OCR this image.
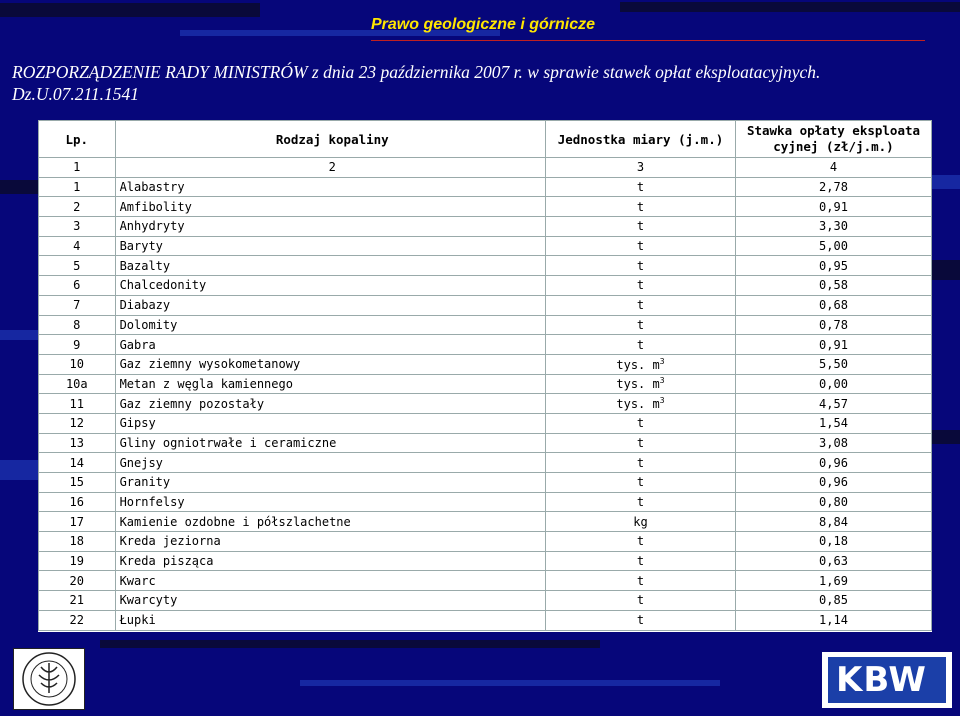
Prawo geologiczne i górnicze
ROZPORZĄDZENIE RADY MINISTRÓW z dnia 23 października 2007 r. w sprawie stawek opłat eksploatacyjnych.
Dz.U.07.211.1541
Lp.	Rodzaj kopaliny	Jednostka miary (j.m.)	Stawka opłaty eksploata cyjnej (zł/j.m.)
1	2	3	4
1	Alabastry	t	2,78
2	Amfibolity	t	0,91
3	Anhydryty	t	3,30
4	Baryty	t	5,00
5	Bazalty	t	0,95
6	Chalcedonity	t	0,58
7	Diabazy	t	0,68
8	Dolomity	t	0,78
9	Gabra	t	0,91
10	Gaz ziemny wysokometanowy	tys. $m^3$	5,50
10a	Metan z węgla kamiennego	tys. $m^3$	0,00
11	Gaz ziemny pozostały	tys. $m^3$	4,57
12	Gipsy	t	1,54
13	Gliny ogniotrwałe i ceramiczne	t	3,08
14	Gnejsy	t	0,96
15	Granity	t	0,96
16	Hornfelsy	t	0,80
17	Kamienie ozdobne i półszlachetne	kg	8,84
18	Kreda jeziorna	t	0,18
19	Kreda pisząca	t	0,63
20	Kwarc	t	1,69
21	Kwarcyty	t	0,85
22	Łupki	t	1,14
KBW
